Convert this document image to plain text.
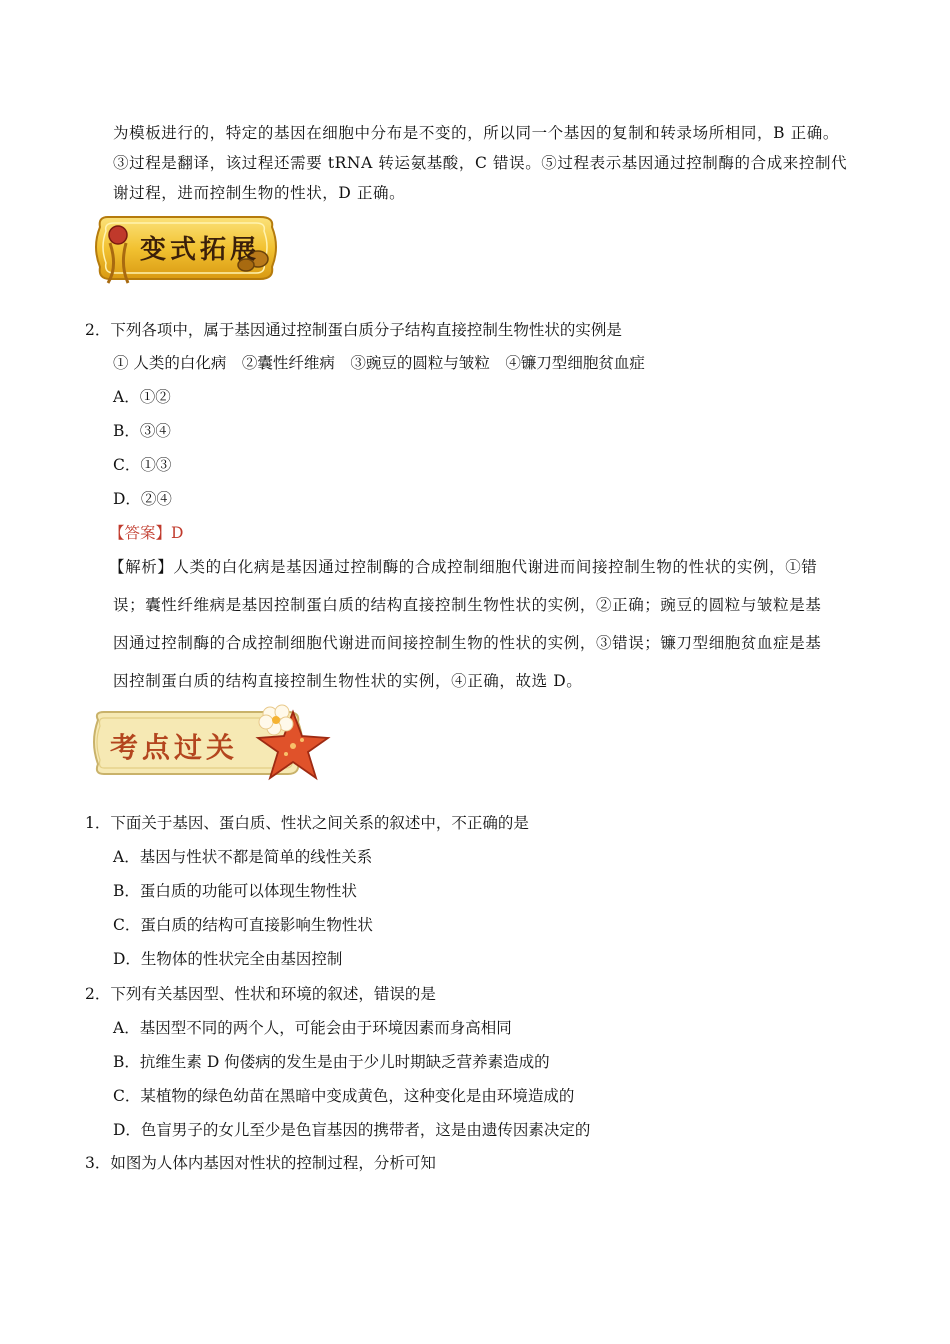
为模板进行的，特定的基因在细胞中分布是不变的，所以同一个基因的复制和转录场所相同，B 正确。
③过程是翻译，该过程还需要 tRNA 转运氨基酸，C 错误。⑤过程表示基因通过控制酶的合成来控制代
谢过程，进而控制生物的性状，D 正确。
变式拓展
2．下列各项中，属于基因通过控制蛋白质分子结构直接控制生物性状的实例是
① 人类的白化病　②囊性纤维病　③豌豆的圆粒与皱粒　④镰刀型细胞贫血症
A．①②
B．③④
C．①③
D．②④
【答案】D
【解析】人类的白化病是基因通过控制酶的合成控制细胞代谢进而间接控制生物的性状的实例，①错
误；囊性纤维病是基因控制蛋白质的结构直接控制生物性状的实例，②正确；豌豆的圆粒与皱粒是基
因通过控制酶的合成控制细胞代谢进而间接控制生物的性状的实例，③错误；镰刀型细胞贫血症是基
因控制蛋白质的结构直接控制生物性状的实例，④正确，故选 D。
考点过关
1．下面关于基因、蛋白质、性状之间关系的叙述中，不正确的是
A．基因与性状不都是简单的线性关系
B．蛋白质的功能可以体现生物性状
C．蛋白质的结构可直接影响生物性状
D．生物体的性状完全由基因控制
2．下列有关基因型、性状和环境的叙述，错误的是
A．基因型不同的两个人，可能会由于环境因素而身高相同
B．抗维生素 D 佝偻病的发生是由于少儿时期缺乏营养素造成的
C．某植物的绿色幼苗在黑暗中变成黄色，这种变化是由环境造成的
D．色盲男子的女儿至少是色盲基因的携带者，这是由遗传因素决定的
3．如图为人体内基因对性状的控制过程，分析可知
